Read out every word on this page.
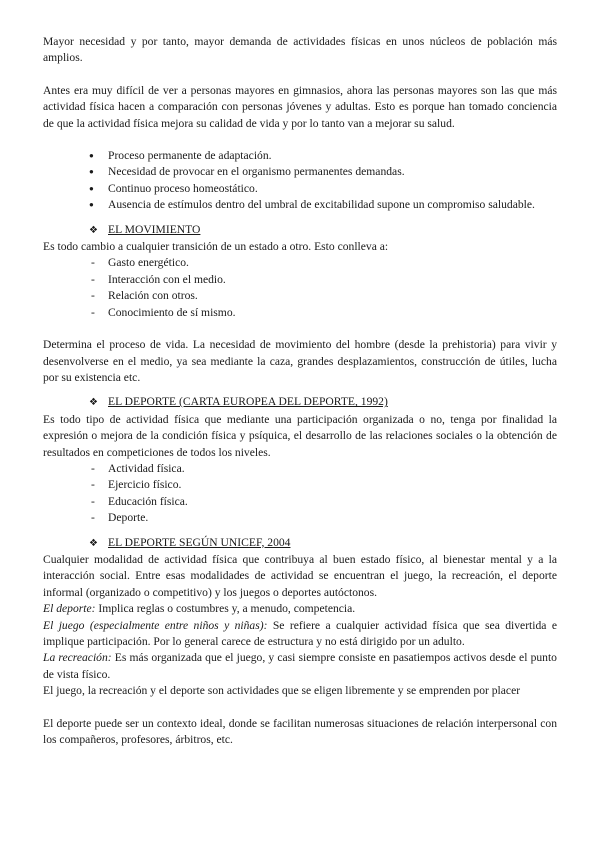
Mayor necesidad y por tanto, mayor demanda de actividades físicas en unos núcleos de población más amplios.

Antes era muy difícil de ver a personas mayores en gimnasios, ahora las personas mayores son las que más actividad física hacen a comparación con personas jóvenes y adultas. Esto es porque han tomado conciencia de que la actividad física mejora su calidad de vida y por lo tanto van a mejorar su salud.

● Proceso permanente de adaptación.
● Necesidad de provocar en el organismo permanentes demandas.
● Continuo proceso homeostático.
● Ausencia de estímulos dentro del umbral de excitabilidad supone un compromiso saludable.
❖ EL MOVIMIENTO

Es todo cambio a cualquier transición de un estado a otro. Esto conlleva a:

- Gasto energético.
- Interacción con el medio.
- Relación con otros.
- Conocimiento de sí mismo.

Determina el proceso de vida. La necesidad de movimiento del hombre (desde la prehistoria) para vivir y desenvolverse en el medio, ya sea mediante la caza, grandes desplazamientos, construcción de útiles, lucha por su existencia etc.

❖ EL DEPORTE (CARTA EUROPEA DEL DEPORTE, 1992)

Es todo tipo de actividad física que mediante una participación organizada o no, tenga por finalidad la expresión o mejora de la condición física y psíquica, el desarrollo de las relaciones sociales o la obtención de resultados en competiciones de todos los niveles.

- Actividad física.
- Ejercicio físico.
- Educación física.
- Deporte.
❖ EL DEPORTE SEGÚN UNICEF, 2004

Cualquier modalidad de actividad física que contribuya al buen estado físico, al bienestar mental y a la interacción social. Entre esas modalidades de actividad se encuentran el juego, la recreación, el deporte informal (organizado o competitivo) y los juegos o deportes autóctonos.

El deporte: Implica reglas o costumbres y, a menudo, competencia.

El juego (especialmente entre niños y niñas): Se refiere a cualquier actividad física que sea divertida e implique participación. Por lo general carece de estructura y no está dirigido por un adulto.

La recreación: Es más organizada que el juego, y casi siempre consiste en pasatiempos activos desde el punto de vista físico.

El juego, la recreación y el deporte son actividades que se eligen libremente y se emprenden por placer

El deporte puede ser un contexto ideal, donde se facilitan numerosas situaciones de relación interpersonal con los compañeros, profesores, árbitros, etc.
